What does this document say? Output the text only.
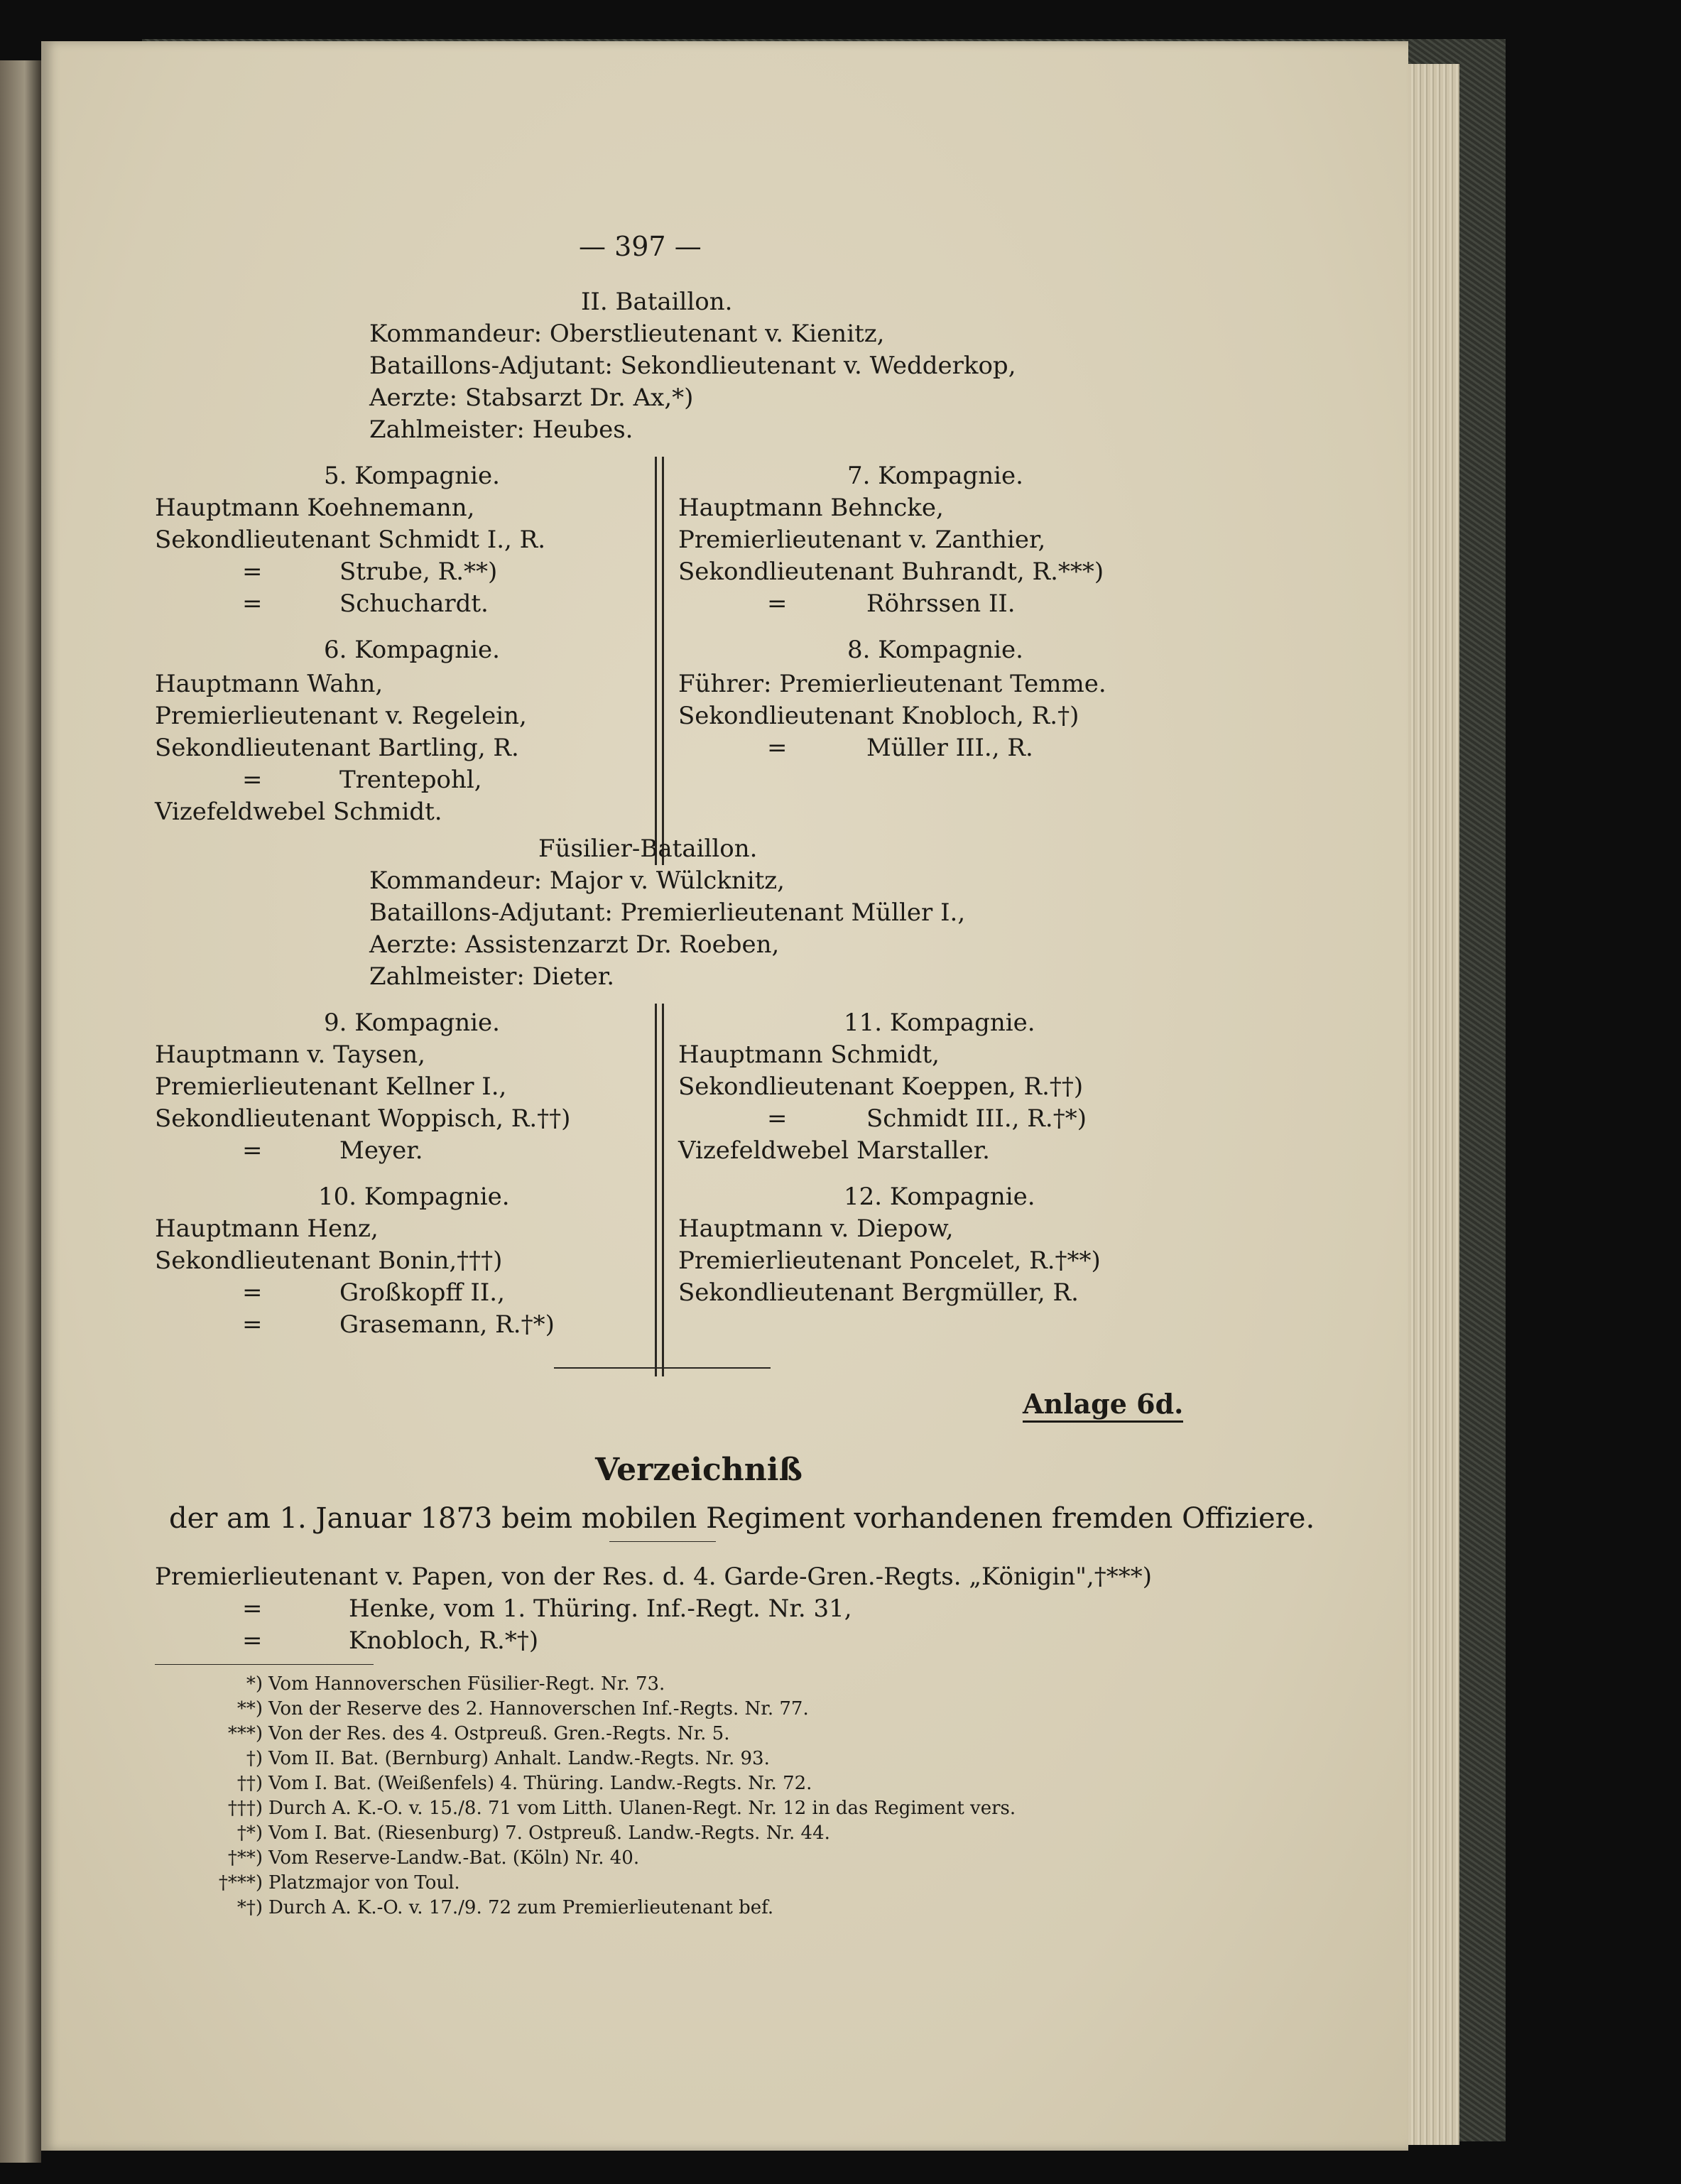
— 397 —
II. Bataillon.
Kommandeur: Oberstlieutenant v. Kienitz,
Bataillons-Adjutant: Sekondlieutenant v. Wedderkop,
Aerzte: Stabsarzt Dr. Ax,*)
Zahlmeister: Heubes.
5. Kompagnie.
Hauptmann Koehnemann,
Sekondlieutenant Schmidt I., R.
=	Strube, R.**)
=	Schuchardt.
6. Kompagnie.
Hauptmann Wahn,
Premierlieutenant v. Regelein,
Sekondlieutenant Bartling, R.
=	Trentepohl,
Vizefeldwebel Schmidt.
7. Kompagnie.
Hauptmann Behncke,
Premierlieutenant v. Zanthier,
Sekondlieutenant Buhrandt, R.***)
=	Röhrssen II.
8. Kompagnie.
Führer: Premierlieutenant Temme.
Sekondlieutenant Knobloch, R.†)
=	Müller III., R.
Füsilier-Bataillon.
Kommandeur: Major v. Wülcknitz,
Bataillons-Adjutant: Premierlieutenant Müller I.,
Aerzte: Assistenzarzt Dr. Roeben,
Zahlmeister: Dieter.
9. Kompagnie.
Hauptmann v. Taysen,
Premierlieutenant Kellner I.,
Sekondlieutenant Woppisch, R.††)
=	Meyer.
10. Kompagnie.
Hauptmann Henz,
Sekondlieutenant Bonin,†††)
=	Großkopff II.,
=	Grasemann, R.†*)
11. Kompagnie.
Hauptmann Schmidt,
Sekondlieutenant Koeppen, R.††)
=	Schmidt III., R.†*)
Vizefeldwebel Marstaller.
12. Kompagnie.
Hauptmann v. Diepow,
Premierlieutenant Poncelet, R.†**)
Sekondlieutenant Bergmüller, R.
Anlage 6d.
Verzeichniß
der am 1. Januar 1873 beim mobilen Regiment vorhandenen fremden Offiziere.
Premierlieutenant v. Papen, von der Res. d. 4. Garde-Gren.-Regts. „Königin",†***)
=	Henke, vom 1. Thüring. Inf.-Regt. Nr. 31,
=	Knobloch, R.*†)
*) Vom Hannoverschen Füsilier-Regt. Nr. 73.
**) Von der Reserve des 2. Hannoverschen Inf.-Regts. Nr. 77.
***) Von der Res. des 4. Ostpreuß. Gren.-Regts. Nr. 5.
†) Vom II. Bat. (Bernburg) Anhalt. Landw.-Regts. Nr. 93.
††) Vom I. Bat. (Weißenfels) 4. Thüring. Landw.-Regts. Nr. 72.
†††) Durch A. K.-O. v. 15./8. 71 vom Litth. Ulanen-Regt. Nr. 12 in das Regiment vers.
†*) Vom I. Bat. (Riesenburg) 7. Ostpreuß. Landw.-Regts. Nr. 44.
†**) Vom Reserve-Landw.-Bat. (Köln) Nr. 40.
†***) Platzmajor von Toul.
*†) Durch A. K.-O. v. 17./9. 72 zum Premierlieutenant bef.
